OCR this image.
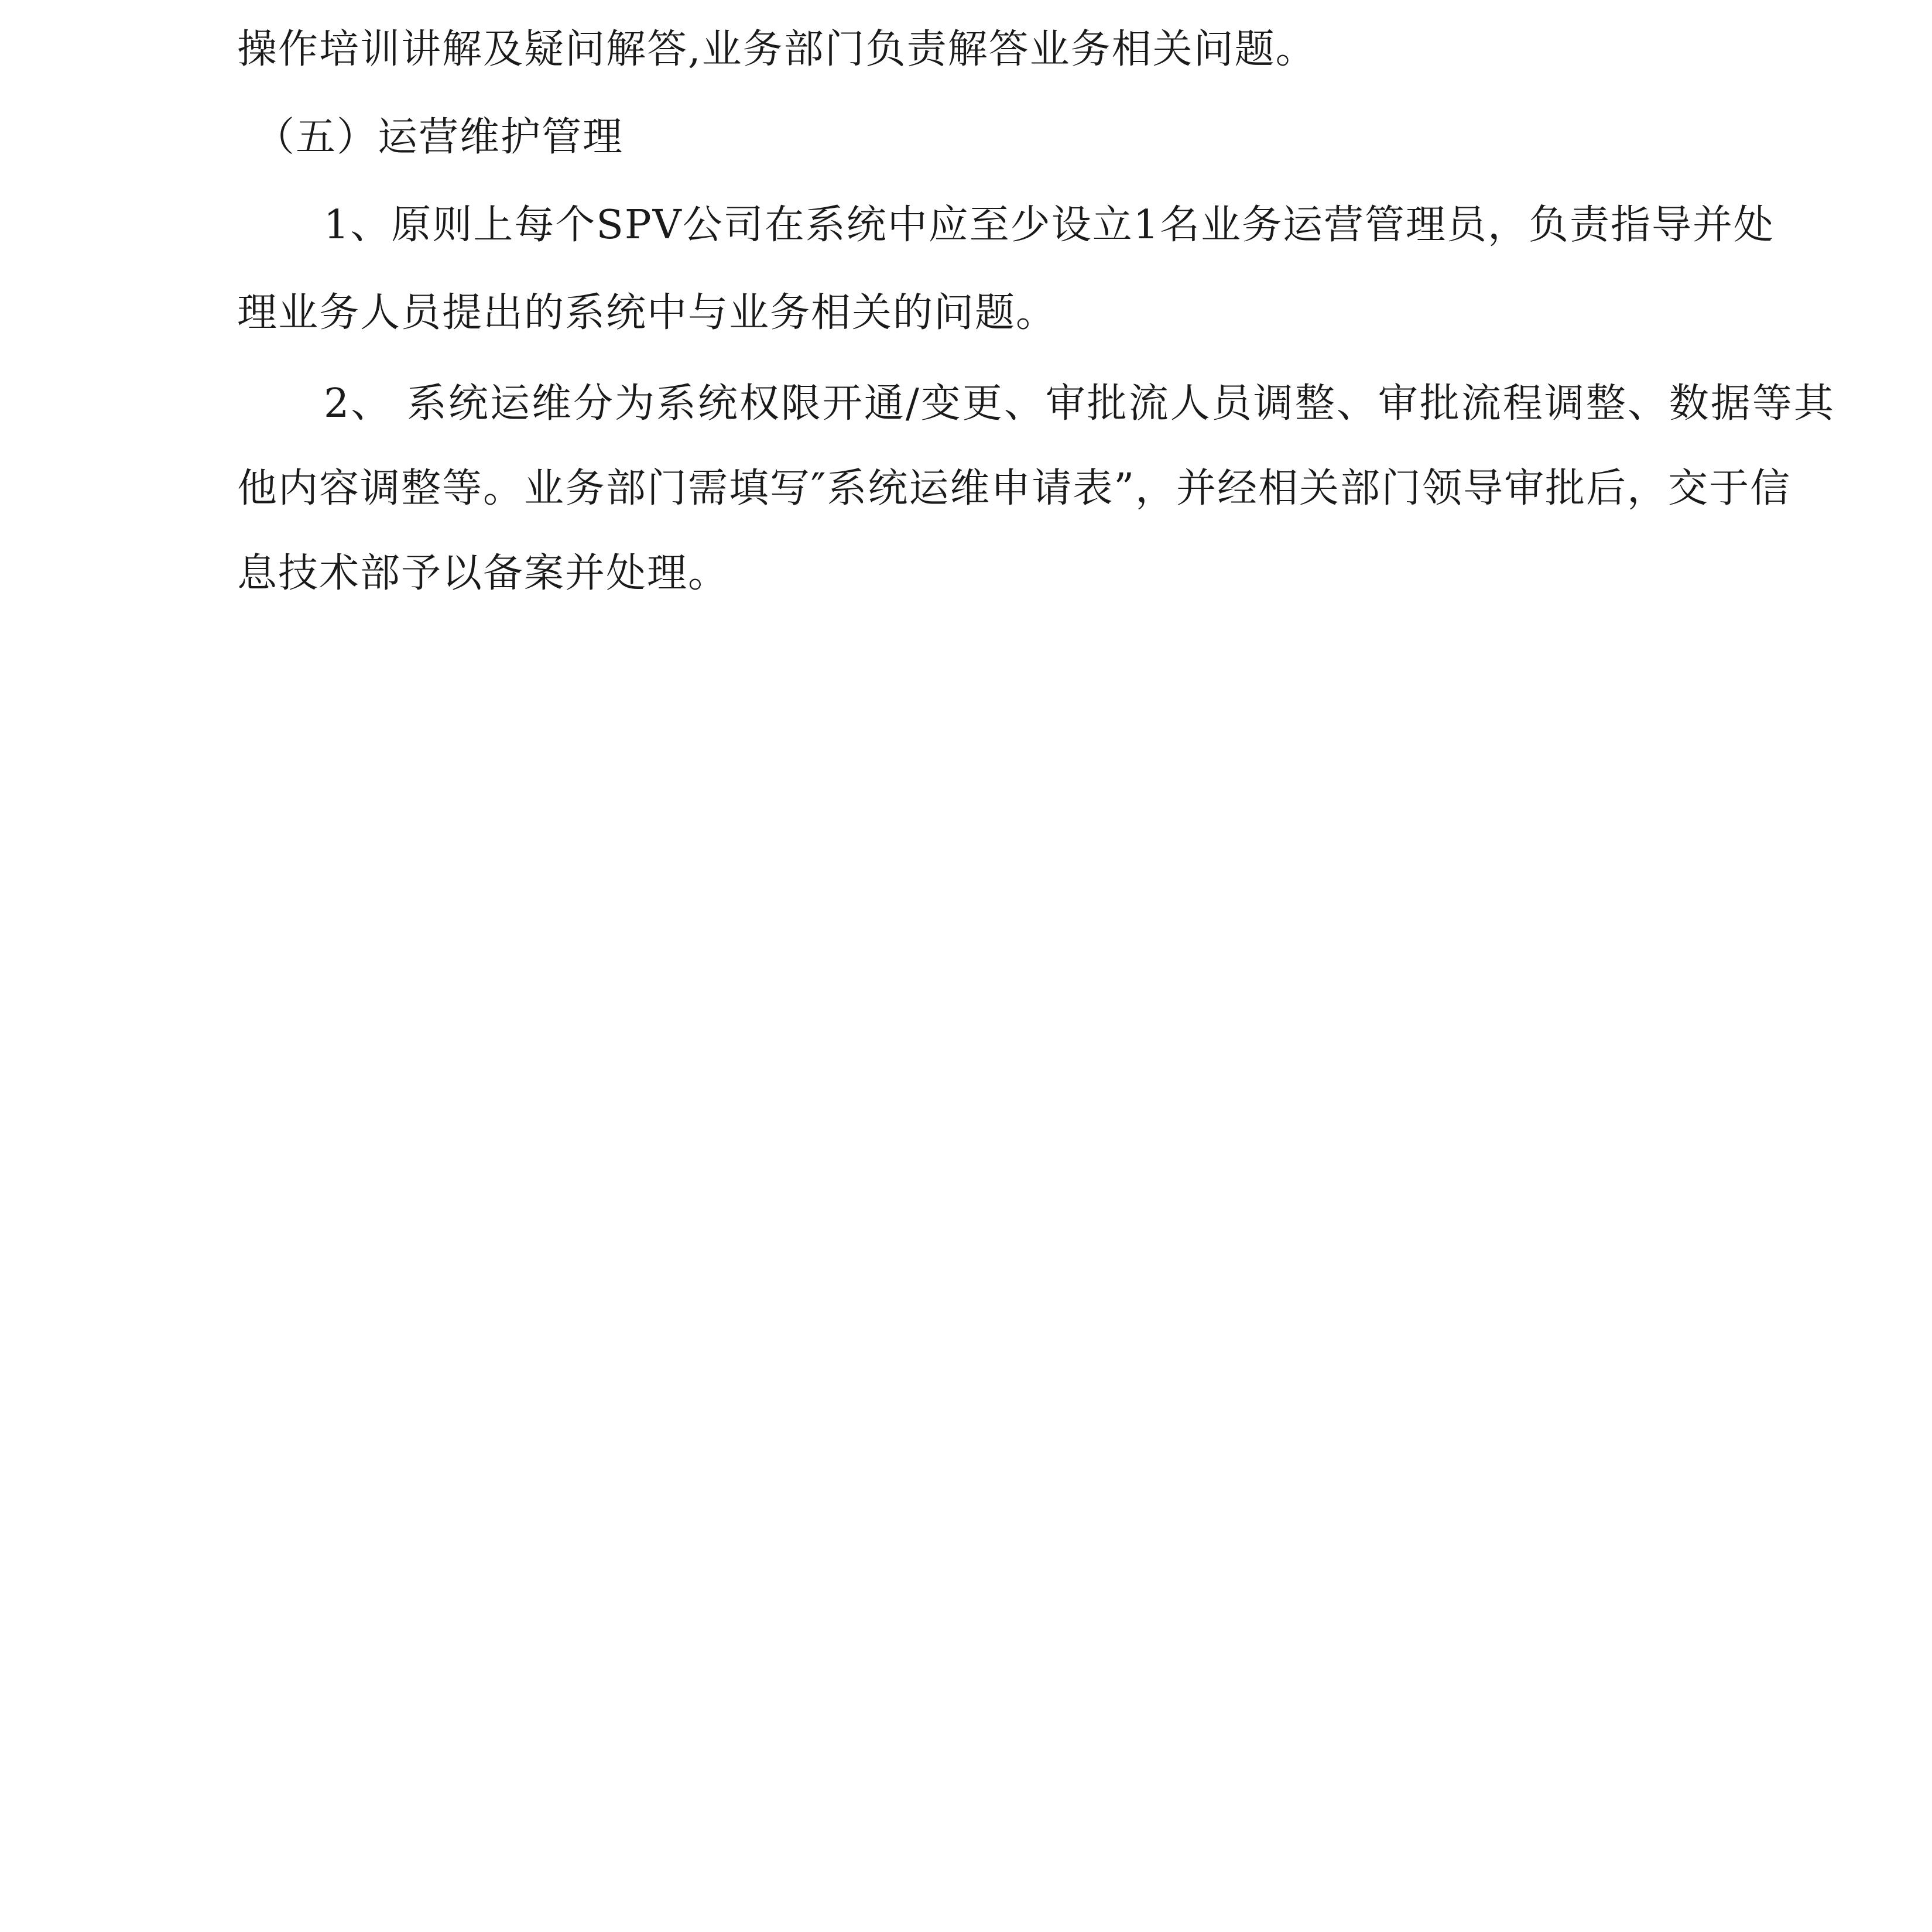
操作培训讲解及疑问解答,业务部门负责解答业务相关问题。

（五）运营维护管理

1、原则上每个SPV公司在系统中应至少设立1名业务运营管理员，负责指导并处

理业务人员提出的系统中与业务相关的问题。

2、 系统运维分为系统权限开通/变更、审批流人员调整、审批流程调整、数据等其

他内容调整等。业务部门需填写″系统运维申请表”，并经相关部门领导审批后，交于信

息技术部予以备案并处理。
